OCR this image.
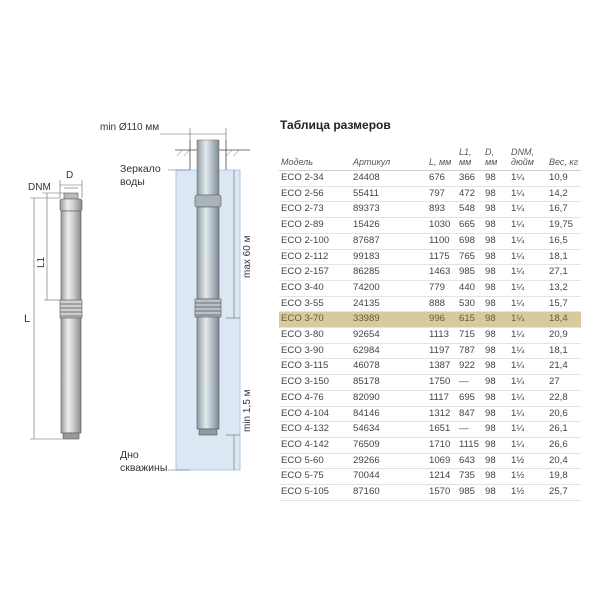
DNM
D
L1
L
min Ø110 мм
max 60 м
min 1,5 м
Зеркало воды
Дно скважины
Таблица размеров
Модель	Артикул	L, мм	L1, мм	D, мм	DNM, дюйм	Вес, кг
ECO 2-34	24408	676	366	98	1¼	10,9
ECO 2-56	55411	797	472	98	1¼	14,2
ECO 2-73	89373	893	548	98	1¼	16,7
ECO 2-89	15426	1030	665	98	1¼	19,75
ECO 2-100	87687	1100	698	98	1¼	16,5
ECO 2-112	99183	1175	765	98	1¼	18,1
ECO 2-157	86285	1463	985	98	1¼	27,1
ECO 3-40	74200	779	440	98	1¼	13,2
ECO 3-55	24135	888	530	98	1¼	15,7
ECO 3-70	33989	996	615	98	1¼	18,4
ECO 3-80	92654	1113	715	98	1¼	20,9
ECO 3-90	62984	1197	787	98	1¼	18,1
ECO 3-115	46078	1387	922	98	1¼	21,4
ECO 3-150	85178	1750	—	98	1¼	27
ECO 4-76	82090	1117	695	98	1¼	22,8
ECO 4-104	84146	1312	847	98	1¼	20,6
ECO 4-132	54634	1651	—	98	1¼	26,1
ECO 4-142	76509	1710	1115	98	1¼	26,6
ECO 5-60	29266	1069	643	98	1½	20,4
ECO 5-75	70044	1214	735	98	1½	19,8
ECO 5-105	87160	1570	985	98	1½	25,7
